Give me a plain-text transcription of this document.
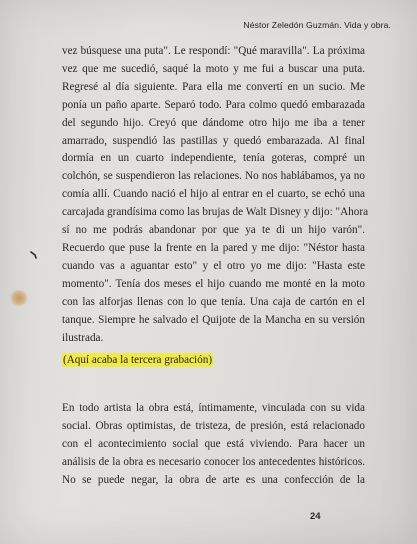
Néstor Zeledón Guzmán. Vida y obra.
vez búsquese una puta". Le respondí: "Qué maravilla". La próxima
vez que me sucedió, saqué la moto y me fui a buscar una puta.
Regresé al día siguiente. Para ella me convertí en un sucio. Me
ponía un paño aparte. Separó todo. Para colmo quedó embarazada
del segundo hijo. Creyó que dándome otro hijo me iba a tener
amarrado, suspendió las pastillas y quedó embarazada. Al final
dormía en un cuarto independiente, tenía goteras, compré un
colchón, se suspendieron las relaciones. No nos hablábamos, ya no
comía allí. Cuando nació el hijo al entrar en el cuarto, se echó una
carcajada grandísima como las brujas de Walt Disney y dijo: "Ahora
sí no me podrás abandonar por que ya te di un hijo varón".
Recuerdo que puse la frente en la pared y me dijo: "Néstor hasta
cuando vas a aguantar esto" y el otro yo me dijo: "Hasta este
momento". Tenía dos meses el hijo cuando me monté en la moto
con las alforjas llenas con lo que tenía. Una caja de cartón en el
tanque. Siempre he salvado el Quijote de la Mancha en su versión
ilustrada.
(Aquí acaba la tercera grabación)
En todo artista la obra está, íntimamente, vinculada con su vida
social. Obras optimistas, de tristeza, de presión, está relacionado
con el acontecimiento social que está viviendo. Para hacer un
análisis de la obra es necesario conocer los antecedentes históricos.
No se puede negar, la obra de arte es una confección de la
24
